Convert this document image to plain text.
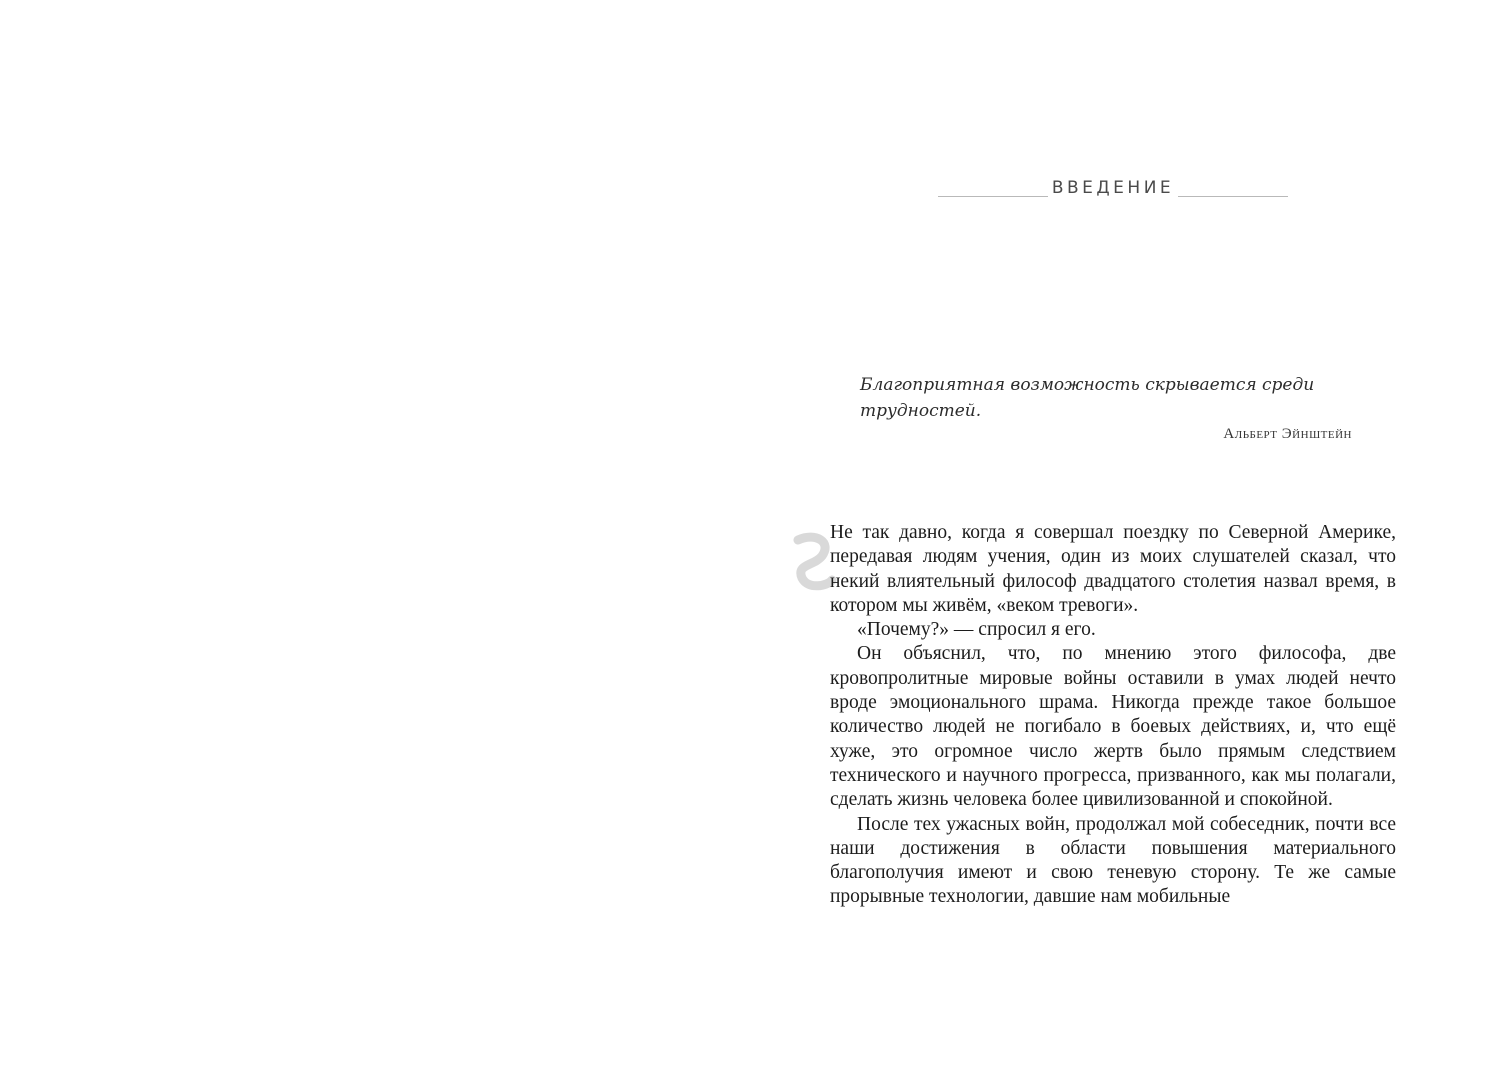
ВВЕДЕНИЕ
Благоприятная возможность скрывается среди трудностей.
Альберт Эйнштейн

Не так давно, когда я совершал поездку по Северной Америке, передавая людям учения, один из моих слушателей сказал, что некий влиятельный философ двадцатого столетия назвал время, в котором мы живём, «веком тревоги».

«Почему?» — спросил я его.

Он объяснил, что, по мнению этого философа, две кровопролитные мировые войны оставили в умах людей нечто вроде эмоционального шрама. Никогда прежде такое большое количество людей не погибало в боевых действиях, и, что ещё хуже, это огромное число жертв было прямым следствием технического и научного прогресса, призванного, как мы полагали, сделать жизнь человека более цивилизованной и спокойной.

После тех ужасных войн, продолжал мой собеседник, почти все наши достижения в области повышения материального благополучия имеют и свою теневую сторону. Те же самые прорывные технологии, давшие нам мобильные
